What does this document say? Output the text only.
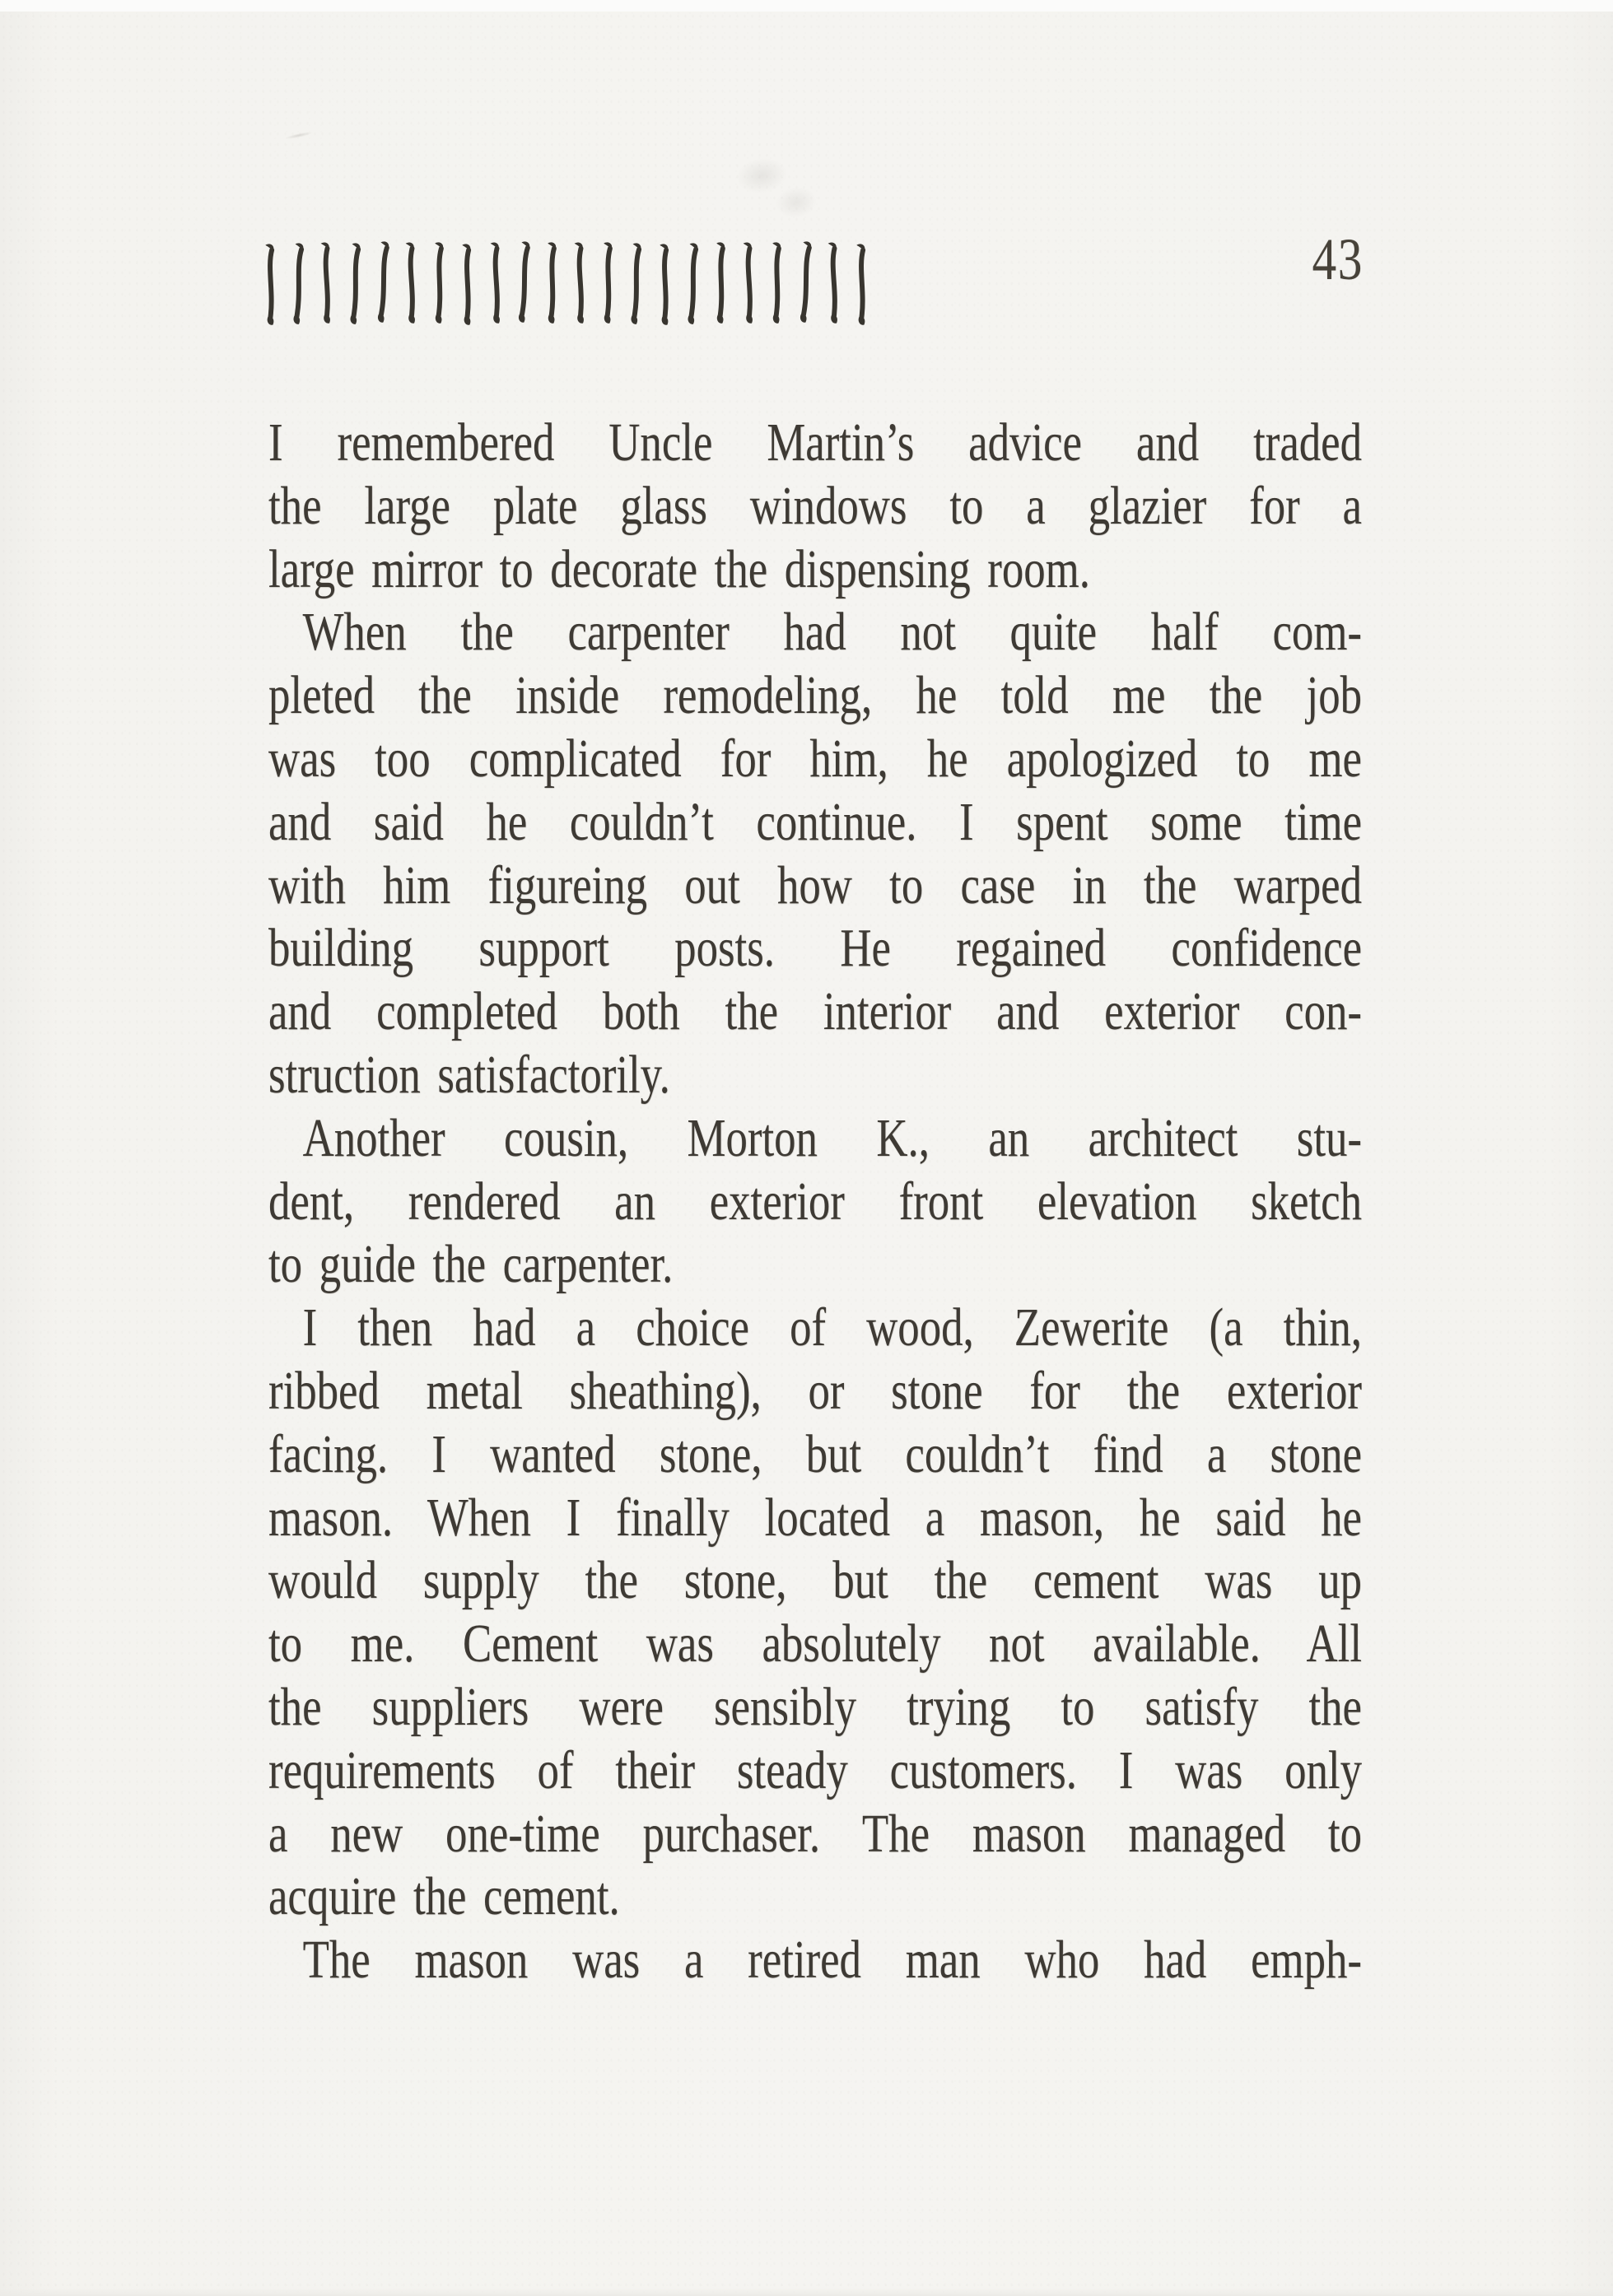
43
I remembered Uncle Martin’s advice and traded
the large plate glass windows to a glazier for a
large mirror to decorate the dispensing room.
When the carpenter had not quite half com-
pleted the inside remodeling, he told me the job
was too complicated for him, he apologized to me
and said he couldn’t continue. I spent some time
with him figureing out how to case in the warped
building support posts. He regained confidence
and completed both the interior and exterior con-
struction satisfactorily.
Another cousin, Morton K., an architect stu-
dent, rendered an exterior front elevation sketch
to guide the carpenter.
I then had a choice of wood, Zewerite (a thin,
ribbed metal sheathing), or stone for the exterior
facing. I wanted stone, but couldn’t find a stone
mason. When I finally located a mason, he said he
would supply the stone, but the cement was up
to me. Cement was absolutely not available. All
the suppliers were sensibly trying to satisfy the
requirements of their steady customers. I was only
a new one-time purchaser. The mason managed to
acquire the cement.
The mason was a retired man who had emph-
